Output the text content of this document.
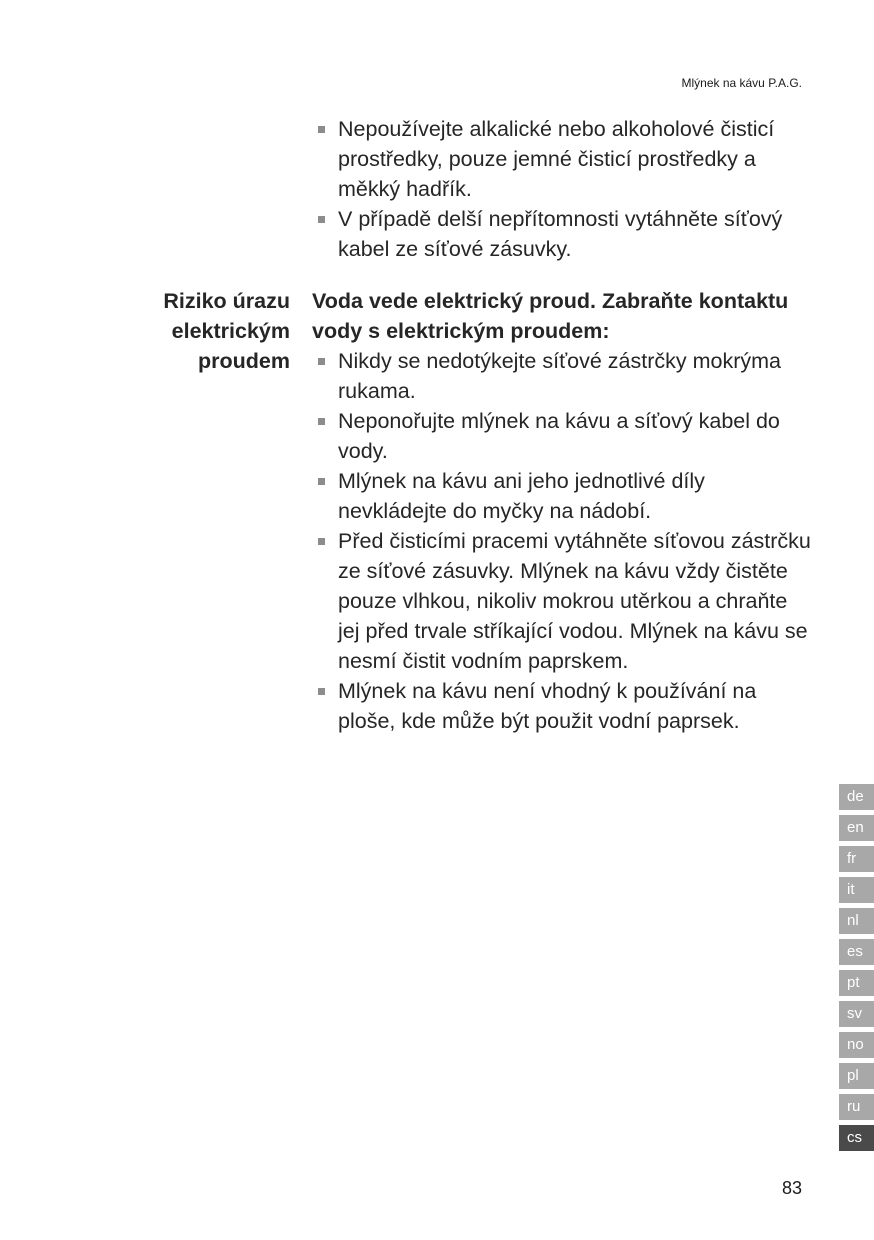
Mlýnek na kávu P.A.G.
Nepoužívejte alkalické nebo alkoholové čisticí prostředky, pouze jemné čisticí prostředky a měkký hadřík.
V případě delší nepřítomnosti vytáhněte síťový kabel ze síťové zásuvky.
Riziko úrazu
elektrickým
proudem

Voda vede elektrický proud. Zabraňte kontaktu vody s elektrickým proudem:

Nikdy se nedotýkejte síťové zástrčky mokrýma rukama.
Neponořujte mlýnek na kávu a síťový kabel do vody.
Mlýnek na kávu ani jeho jednotlivé díly nevkládejte do myčky na nádobí.
Před čisticími pracemi vytáhněte síťovou zástrčku ze síťové zásuvky. Mlýnek na kávu vždy čistěte pouze vlhkou, nikoliv mokrou utěrkou a chraňte jej před trvale stříkající vodou. Mlýnek na kávu se nesmí čistit vodním paprskem.
Mlýnek na kávu není vhodný k používání na ploše, kde může být použit vodní paprsek.
de
en
fr
it
nl
es
pt
sv
no
pl
ru
cs
83
